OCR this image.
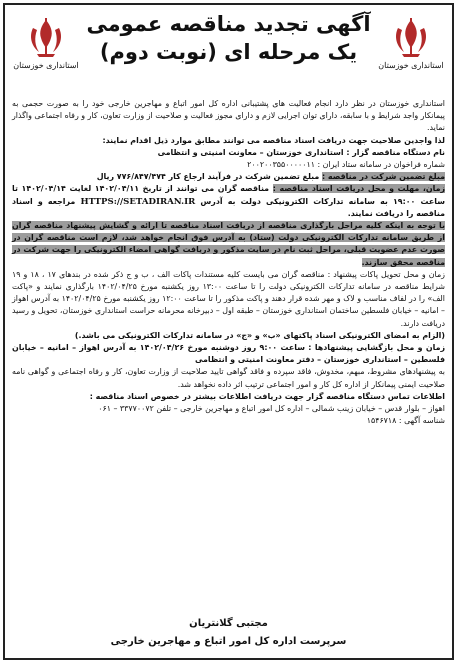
استانداری خوزستان
آگهی تجدید مناقصه عمومی
یک مرحله ای (نوبت دوم)
استانداری خوزستان

استانداری خوزستان در نظر دارد انجام فعالیت های پشتیبانی اداره کل امور اتباع و مهاجرین خارجی خود را به صورت حجمی به پیمانکار واجد شرایط و با سابقه، دارای توان اجرایی لازم و دارای مجوز فعالیت و صلاحیت از وزارت تعاون، کار و رفاه اجتماعی واگذار نماید.

لذا واجدین صلاحیت جهت دریافت اسناد مناقصه می توانند مطابق موارد ذیل اقدام نمایند:

نام دستگاه مناقصه گزار : استانداری خوزستان – معاونت امنیتی و انتظامی

شماره فراخوان در سامانه ستاد ایران : ۲۰۰۲۰۰۳۵۵۰۰۰۰۰۱۱

مبلغ تضمین شرکت در مناقصه : مبلغ تضمین شرکت در فرآیند ارجاع کار ۷۷۶/۸۴۷/۴۷۴ ریال

زمان، مهلت و محل دریافت اسناد مناقصه : مناقصه گران می توانند از تاریخ ۱۴۰۲/۰۴/۱۱ لغایت ۱۴۰۲/۰۴/۱۴ تا ساعت ۱۹:۰۰ به سامانه تدارکات الکترونیکی دولت به آدرس HTTPS://SETADIRAN.IR مراجعه و اسناد مناقصه را دریافت نمایند.

با توجه به اینکه کلیه مراحل بارگذاری مناقصه از دریافت اسناد مناقصه تا ارائه و گشایش پیشنهاد مناقصه گران از طریق سامانه تدارکات الکترونیکی دولت (ستاد) به آدرس فوق انجام خواهد شد، لازم است مناقصه گران در صورت عدم عضویت قبلی، مراحل ثبت نام در سایت مذکور و دریافت گواهی امضاء الکترونیکی را جهت شرکت در مناقصه محقق سازند.

زمان و محل تحویل پاکات پیشنهاد : مناقصه گران می بایست کلیه مستندات پاکات الف ، ب و ج ذکر شده در بندهای ۱۷ ، ۱۸ و ۱۹ شرایط مناقصه در سامانه تدارکات الکترونیکی دولت را تا ساعت ۱۳:۰۰ روز یکشنبه مورخ ۱۴۰۲/۰۴/۲۵ بارگذاری نمایند و «پاکت الف» را در لفاف مناسب و لاک و مهر شده قرار دهند و پاکت مذکور را تا ساعت ۱۲:۰۰ روز یکشنبه مورخ ۱۴۰۲/۰۴/۲۵ به آدرس اهواز – امانیه – خیابان فلسطین ساختمان استانداری خوزستان – طبقه اول – دبیرخانه محرمانه حراست استانداری خوزستان، تحویل و رسید دریافت دارند.

(الزام به امضای الکترونیکی اسناد پاکتهای «ب» و «ج» در سامانه تدارکات الکترونیکی می باشد.)

زمان و محل بازگشایی پیشنهادها : ساعت ۹:۰۰ روز دوشنبه مورخ ۱۴۰۲/۰۴/۲۶ به آدرس اهواز – امانیه – خیابان فلسطین – استانداری خوزستان – دفتر معاونت امنیتی و انتظامی

به پیشنهادهای مشروط، مبهم، مخدوش، فاقد سپرده و فاقد گواهی تایید صلاحیت از وزارت تعاون، کار و رفاه اجتماعی و گواهی نامه صلاحیت ایمنی پیمانکار از اداره کل کار و امور اجتماعی ترتیب اثر داده نخواهد شد.

اطلاعات تماس دستگاه مناقصه گزار جهت دریافت اطلاعات بیشتر در خصوص اسناد مناقصه :

اهواز – بلوار قدس – خیابان زینب شمالی – اداره کل امور اتباع و مهاجرین خارجی – تلفن ۳۳۷۷۰۰۷۲ – ۰۶۱

شناسه آگهی : ۱۵۴۶۷۱۸

مجتبی گلانتریان
سرپرست اداره کل امور اتباع و مهاجرین خارجی
